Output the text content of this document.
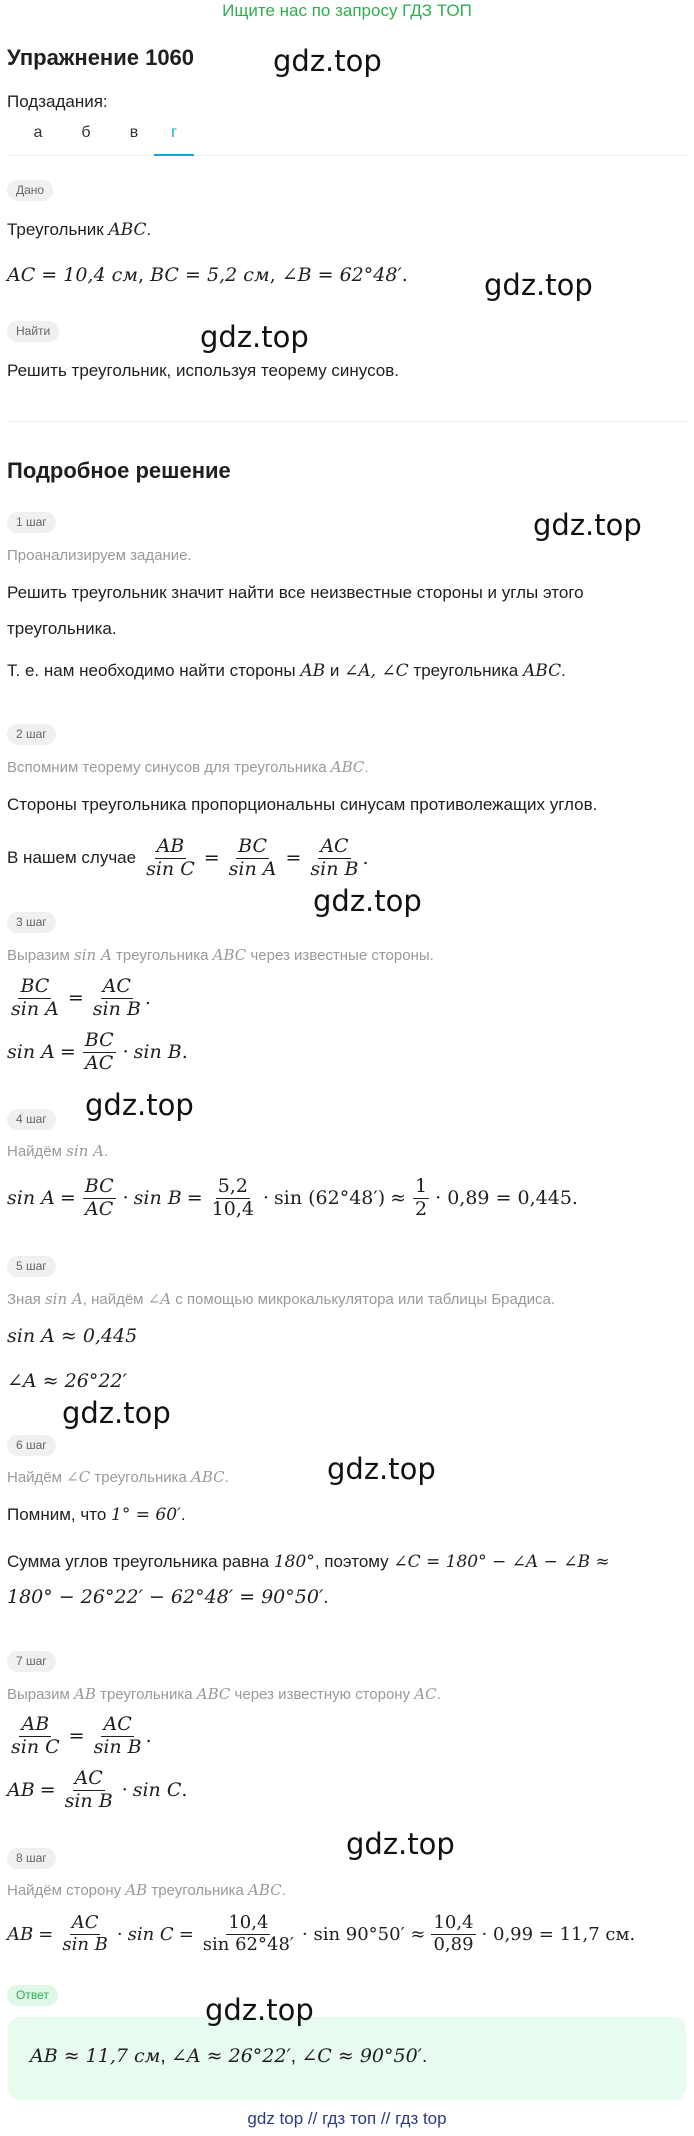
Ищите нас по запросу ГДЗ ТОП
Упражнение 1060
Подзадания:
а	б	в	г
Дано
Треугольник ABC.
AC = 10,4 см, BC = 5,2 см, ∠B = 62°48′.
Найти
Решить треугольник, используя теорему синусов.
Подробное решение
1 шаг
Проанализируем задание.
Решить треугольник значит найти все неизвестные стороны и углы этого
треугольника.
Т. е. нам необходимо найти стороны AB и ∠A, ∠C треугольника ABC.
2 шаг
Вспомним теорему синусов для треугольника ABC.
Стороны треугольника пропорциональны синусам противолежащих углов.
В нашем случае $\frac{AB}{\text{sin C}} = \frac{BC}{\text{sin A}} = \frac{AC}{\text{sin B}}$ .
3 шаг
Выразим sin A треугольника ABC через известные стороны.
$\frac{BC}{\text{sin A}} = \frac{AC}{\text{sin B}}$ .
$\sin A = \frac{BC}{AC} \cdot \sin B$ .
4 шаг
Найдём sin A.
$\sin A = \frac{BC}{AC} \cdot \sin B = \frac{5,2}{10,4} \cdot \sin (62^\circ 48') \approx \frac{1}{2} \cdot 0,89 = 0,445$.
5 шаг
Зная sin A, найдём ∠A с помощью микрокалькулятора или таблицы Брадиса.
sin A ≈ 0,445
∠A ≈ 26°22′
6 шаг
Найдём ∠C треугольника ABC.
Помним, что 1° = 60′.
Сумма углов треугольника равна 180°, поэтому ∠C = 180° − ∠A − ∠B ≈
180° − 26°22′ − 62°48′ = 90°50′.
7 шаг
Выразим AB треугольника ABC через известную сторону AC.
$\frac{AB}{\text{sin C}} = \frac{AC}{\text{sin B}}$ .
AB = $\frac{AC}{\text{sin B}} \cdot \sin C$ .
8 шаг
Найдём сторону AB треугольника ABC.
AB = $\frac{AC}{\text{sin B}} \cdot \sin C = \frac{10,4}{\sin 62^\circ 48'} \cdot \sin 90^\circ 50' \approx \frac{10,4}{0,89} \cdot 0,99 = 11,7$ см.
Ответ
AB ≈ 11,7 см, ∠A ≈ 26°22′, ∠C ≈ 90°50′.
gdz.top
gdz.top
gdz.top
gdz.top
gdz.top
gdz.top
gdz.top
gdz.top
gdz.top
gdz.top
gdz top // гдз топ // гдз top
